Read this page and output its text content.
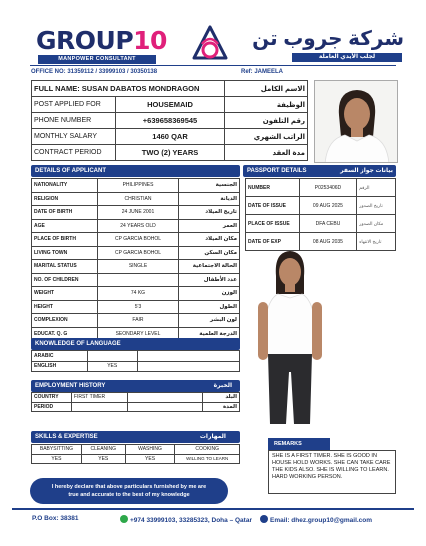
GROUP10
MANPOWER CONSULTANT
شركة جروب تن
لجلب الأيدي العاملة
OFFICE NO: 31359112 / 33999103 / 30350138	Ref: JAMEELA
FULL NAME: SUSAN DABATOS MONDRAGON		الاسم الكامل
POST APPLIED FOR	HOUSEMAID	الوظيفة
PHONE NUMBER	+639658369545	رقم التلفون
MONTHLY SALARY	1460 QAR	الراتب الشهري
CONTRACT PERIOD	TWO (2) YEARS	مدة العقد
DETAILS OF APPLICANT
NATIONALITY	PHILIPPINES	الجنسية
RELIGION	CHRISTIAN	الديانة
DATE OF BIRTH	24 JUNE 2001	تاريخ الميلاد
AGE	24 YEARS OLD	العمر
PLACE OF BIRTH	CP GARCIA BOHOL	مكان الميلاد
LIVING TOWN	CP GARCIA BOHOL	مكان السكن
MARITAL STATUS	SINGLE	الحالة الاجتماعية
NO. OF CHILDREN		عدد الأطفال
WEIGHT	74 KG	الوزن
HEIGHT	5'3	الطول
COMPLEXION	FAIR	لون البشر
EDUCAT. Q. G	SEONDARY LEVEL	الدرجة العلمية
PASSPORT DETAILS	بيانات جواز السفر
NUMBER	P0253406D	الرقم
DATE OF ISSUE	09 AUG 2025	تاريخ الصدور
PLACE OF ISSUE	DFA CEBU	مكان الصدور
DATE OF EXP	08 AUG 2035	تاريخ الانتهاء
KNOWLEDGE OF LANGUAGE
ARABIC		
ENGLISH	YES	
EMPLOYMENT HISTORY	الخبرة
COUNTRY	FIRST TIMER		البلد
PERIOD			المدة
SKILLS & EXPERTISE	المهارات
BABYSITTING	CLEANING	WASHING	COOKING
YES	YES	YES	WILLING TO LEARN
REMARKS
SHE IS A FIRST TIMER. SHE IS GOOD IN HOUSE HOLD WORKS. SHE CAN TAKE CARE THE KIDS ALSO. SHE IS WILLING TO LEARN. HARD WORKING PERSON.
I hereby declare that above particulars furnished by me are true and accurate to the best of my knowledge
P.O Box: 38381	+974 33999103, 33285323, Doha – Qatar	Email: dhez.group10@gmail.com
